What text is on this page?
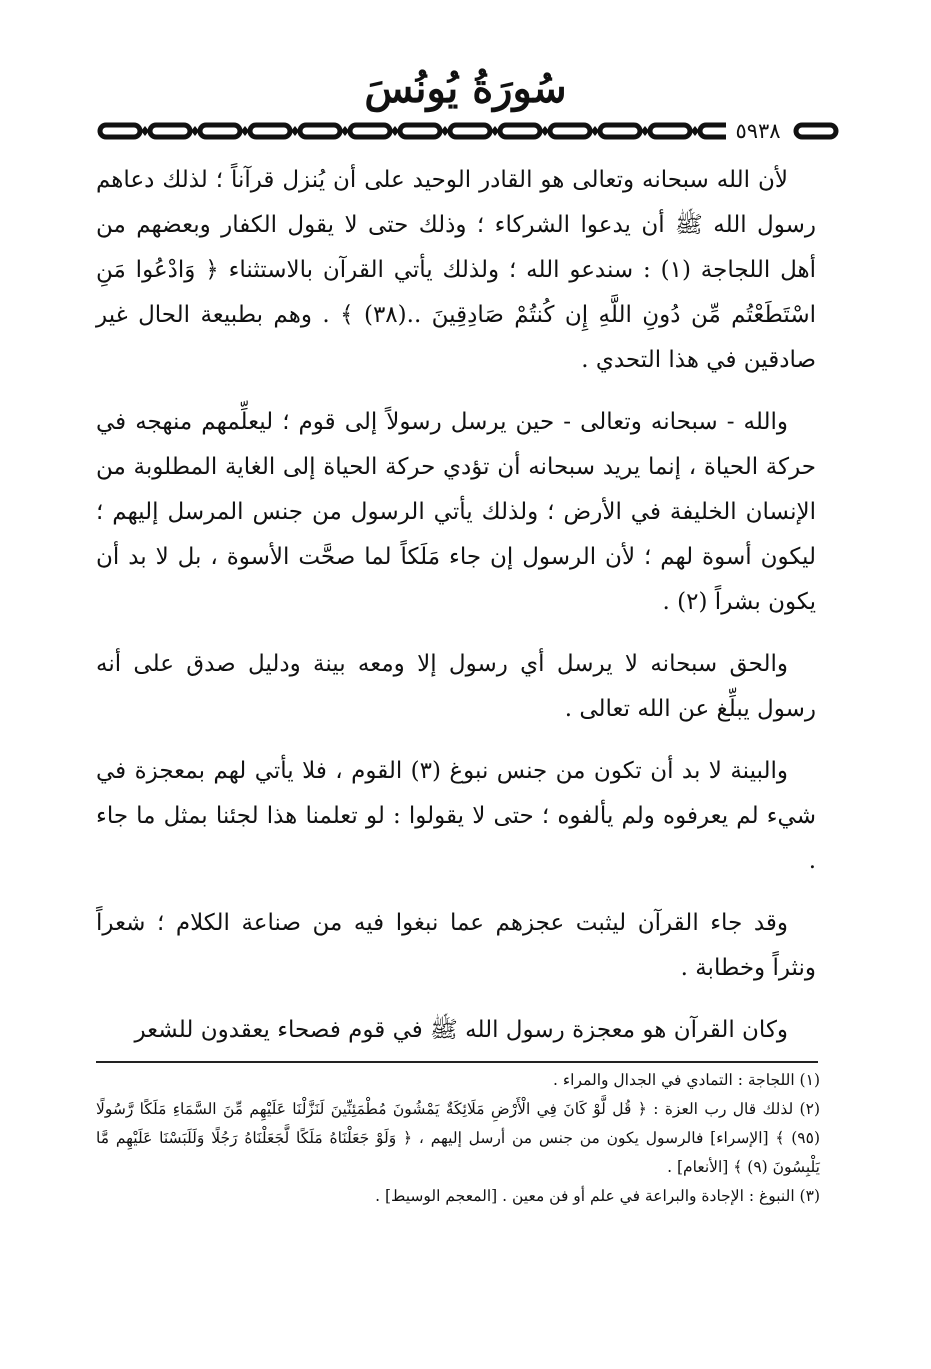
سُورَةُ يُونُسَ
٥٩٣٨

لأن الله سبحانه وتعالى هو القادر الوحيد على أن يُنزل قرآناً ؛ لذلك دعاهم رسول الله ﷺ أن يدعوا الشركاء ؛ وذلك حتى لا يقول الكفار وبعضهم من أهل اللجاجة (١) : سندعو الله ؛ ولذلك يأتي القرآن بالاستثناء ﴿ وَادْعُوا مَنِ اسْتَطَعْتُم مِّن دُونِ اللَّهِ إِن كُنتُمْ صَادِقِينَ ..(٣٨) ﴾ . وهم بطبيعة الحال غير صادقين في هذا التحدي .

والله - سبحانه وتعالى - حين يرسل رسولاً إلى قوم ؛ ليعلِّمهم منهجه في حركة الحياة ، إنما يريد سبحانه أن تؤدي حركة الحياة إلى الغاية المطلوبة من الإنسان الخليفة في الأرض ؛ ولذلك يأتي الرسول من جنس المرسل إليهم ؛ ليكون أسوة لهم ؛ لأن الرسول إن جاء مَلَكاً لما صحَّت الأسوة ، بل لا بد أن يكون بشراً (٢) .

والحق سبحانه لا يرسل أي رسول إلا ومعه بينة ودليل صدق على أنه رسول يبلِّغ عن الله تعالى .

والبينة لا بد أن تكون من جنس نبوغ (٣) القوم ، فلا يأتي لهم بمعجزة في شيء لم يعرفوه ولم يألفوه ؛ حتى لا يقولوا : لو تعلمنا هذا لجئنا بمثل ما جاء .

وقد جاء القرآن ليثبت عجزهم عما نبغوا فيه من صناعة الكلام ؛ شعراً ونثراً وخطابة .

وكان القرآن هو معجزة رسول الله ﷺ في قوم فصحاء يعقدون للشعر

(١) اللجاجة : التمادي في الجدال والمراء .

(٢) لذلك قال رب العزة : ﴿ قُل لَّوْ كَانَ فِي الْأَرْضِ مَلَائِكَةٌ يَمْشُونَ مُطْمَئِنِّينَ لَنَزَّلْنَا عَلَيْهِم مِّنَ السَّمَاءِ مَلَكًا رَّسُولًا (٩٥) ﴾ [الإسراء] فالرسول يكون من جنس من أرسل إليهم ، ﴿ وَلَوْ جَعَلْنَاهُ مَلَكًا لَّجَعَلْنَاهُ رَجُلًا وَلَلَبَسْنَا عَلَيْهِم مَّا يَلْبِسُونَ (٩) ﴾ [الأنعام] .

(٣) النبوغ : الإجادة والبراعة في علم أو فن معين . [المعجم الوسيط] .
